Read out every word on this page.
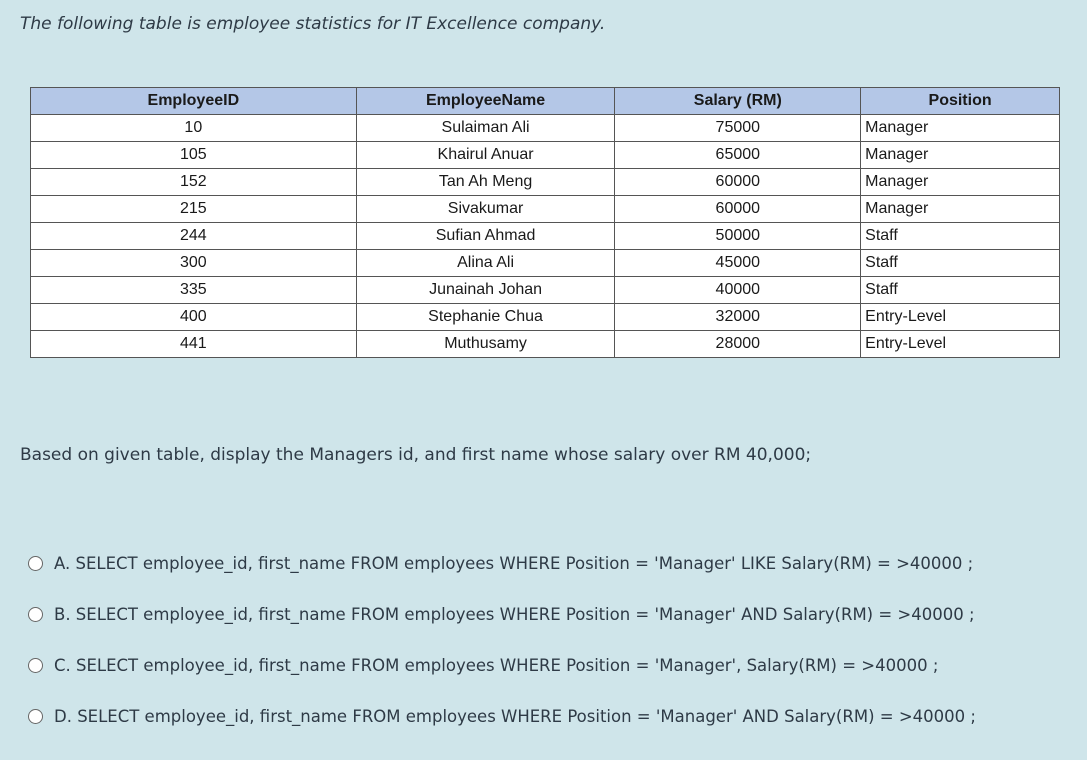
The following table is employee statistics for IT Excellence company.
EmployeeID	EmployeeName	Salary (RM)	Position
10	Sulaiman Ali	75000	Manager
105	Khairul Anuar	65000	Manager
152	Tan Ah Meng	60000	Manager
215	Sivakumar	60000	Manager
244	Sufian Ahmad	50000	Staff
300	Alina Ali	45000	Staff
335	Junainah Johan	40000	Staff
400	Stephanie Chua	32000	Entry-Level
441	Muthusamy	28000	Entry-Level
Based on given table, display the Managers id, and first name whose salary over RM 40,000;
A. SELECT employee_id, first_name FROM employees WHERE Position = 'Manager' LIKE Salary(RM) = >40000 ;
B. SELECT employee_id, first_name FROM employees WHERE Position = 'Manager' AND Salary(RM) = >40000 ;
C. SELECT employee_id, first_name FROM employees WHERE Position = 'Manager', Salary(RM) = >40000 ;
D. SELECT employee_id, first_name FROM employees WHERE Position = 'Manager' AND Salary(RM) = >40000 ;
